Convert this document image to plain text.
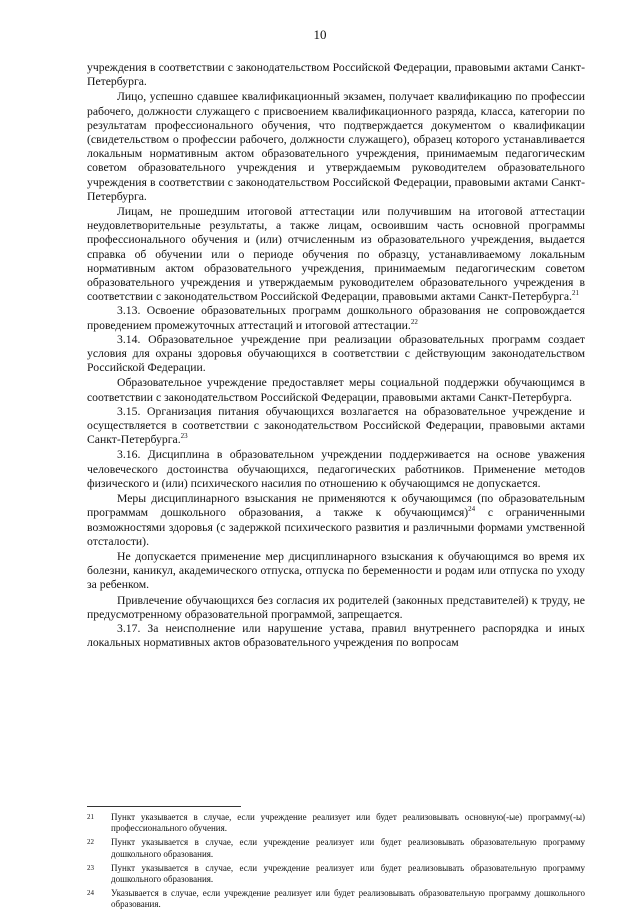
10

учреждения в соответствии с законодательством Российской Федерации, правовыми актами Санкт-Петербурга.

Лицо, успешно сдавшее квалификационный экзамен, получает квалификацию по профессии рабочего, должности служащего с присвоением квалификационного разряда, класса, категории по результатам профессионального обучения, что подтверждается документом о квалификации (свидетельством о профессии рабочего, должности служащего), образец которого устанавливается локальным нормативным актом образовательного учреждения, принимаемым педагогическим советом образовательного учреждения и утверждаемым руководителем образовательного учреждения в соответствии с законодательством Российской Федерации, правовыми актами Санкт-Петербурга.

Лицам, не прошедшим итоговой аттестации или получившим на итоговой аттестации неудовлетворительные результаты, а также лицам, освоившим часть основной программы профессионального обучения и (или) отчисленным из образовательного учреждения, выдается справка об обучении или о периоде обучения по образцу, устанавливаемому локальным нормативным актом образовательного учреждения, принимаемым педагогическим советом образовательного учреждения и утверждаемым руководителем образовательного учреждения в соответствии с законодательством Российской Федерации, правовыми актами Санкт-Петербурга.$^{21}$

3.13. Освоение образовательных программ дошкольного образования не сопровождается проведением промежуточных аттестаций и итоговой аттестации.$^{22}$

3.14. Образовательное учреждение при реализации образовательных программ создает условия для охраны здоровья обучающихся в соответствии с действующим законодательством Российской Федерации.

Образовательное учреждение предоставляет меры социальной поддержки обучающимся в соответствии с законодательством Российской Федерации, правовыми актами Санкт-Петербурга.

3.15. Организация питания обучающихся возлагается на образовательное учреждение и осуществляется в соответствии с законодательством Российской Федерации, правовыми актами Санкт-Петербурга.$^{23}$

3.16. Дисциплина в образовательном учреждении поддерживается на основе уважения человеческого достоинства обучающихся, педагогических работников. Применение методов физического и (или) психического насилия по отношению к обучающимся не допускается.

Меры дисциплинарного взыскания не применяются к обучающимся (по образовательным программам дошкольного образования, а также к обучающимся)$^{24}$ с ограниченными возможностями здоровья (с задержкой психического развития и различными формами умственной отсталости).

Не допускается применение мер дисциплинарного взыскания к обучающимся во время их болезни, каникул, академического отпуска, отпуска по беременности и родам или отпуска по уходу за ребенком.

Привлечение обучающихся без согласия их родителей (законных представителей) к труду, не предусмотренному образовательной программой, запрещается.

3.17. За неисполнение или нарушение устава, правил внутреннего распорядка и иных локальных нормативных актов образовательного учреждения по вопросам

21	Пункт указывается в случае, если учреждение реализует или будет реализовывать основную(-ые) программу(-ы) профессионального обучения.
22	Пункт указывается в случае, если учреждение реализует или будет реализовывать образовательную программу дошкольного образования.
23	Пункт указывается в случае, если учреждение реализует или будет реализовывать образовательную программу дошкольного образования.
24	Указывается в случае, если учреждение реализует или будет реализовывать образовательную программу дошкольного образования.
